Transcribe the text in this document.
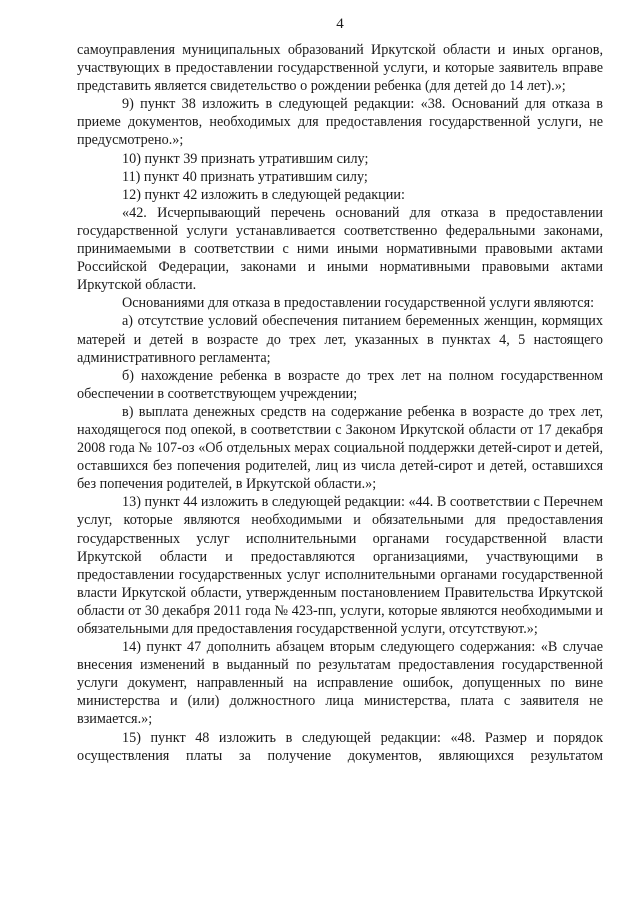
4

самоуправления муниципальных образований Иркутской области и иных органов, участвующих в предоставлении государственной услуги, и которые заявитель вправе представить является свидетельство о рождении ребенка (для детей до 14 лет).»;

9) пункт 38 изложить в следующей редакции: «38. Оснований для отказа в приеме документов, необходимых для предоставления государственной услуги, не предусмотрено.»;

10) пункт 39 признать утратившим силу;

11) пункт 40 признать утратившим силу;

12) пункт 42 изложить в следующей редакции:

«42. Исчерпывающий перечень оснований для отказа в предоставлении государственной услуги устанавливается соответственно федеральными законами, принимаемыми в соответствии с ними иными нормативными правовыми актами Российской Федерации, законами и иными нормативными правовыми актами Иркутской области.

Основаниями для отказа в предоставлении государственной услуги являются:

а) отсутствие условий обеспечения питанием беременных женщин, кормящих матерей и детей в возрасте до трех лет, указанных в пунктах 4, 5 настоящего административного регламента;

б) нахождение ребенка в возрасте до трех лет на полном государственном обеспечении в соответствующем учреждении;

в) выплата денежных средств на содержание ребенка в возрасте до трех лет, находящегося под опекой, в соответствии с Законом Иркутской области от 17 декабря 2008 года № 107-оз «Об отдельных мерах социальной поддержки детей-сирот и детей, оставшихся без попечения родителей, лиц из числа детей-сирот и детей, оставшихся без попечения родителей, в Иркутской области.»;

13) пункт 44 изложить в следующей редакции: «44. В соответствии с Перечнем услуг, которые являются необходимыми и обязательными для предоставления государственных услуг исполнительными органами государственной власти Иркутской области и предоставляются организациями, участвующими в предоставлении государственных услуг исполнительными органами государственной власти Иркутской области, утвержденным постановлением Правительства Иркутской области от 30 декабря 2011 года № 423-пп, услуги, которые являются необходимыми и обязательными для предоставления государственной услуги, отсутствуют.»;

14) пункт 47 дополнить абзацем вторым следующего содержания: «В случае внесения изменений в выданный по результатам предоставления государственной услуги документ, направленный на исправление ошибок, допущенных по вине министерства и (или) должностного лица министерства, плата с заявителя не взимается.»;

15) пункт 48 изложить в следующей редакции: «48. Размер и порядок осуществления платы за получение документов, являющихся результатом
